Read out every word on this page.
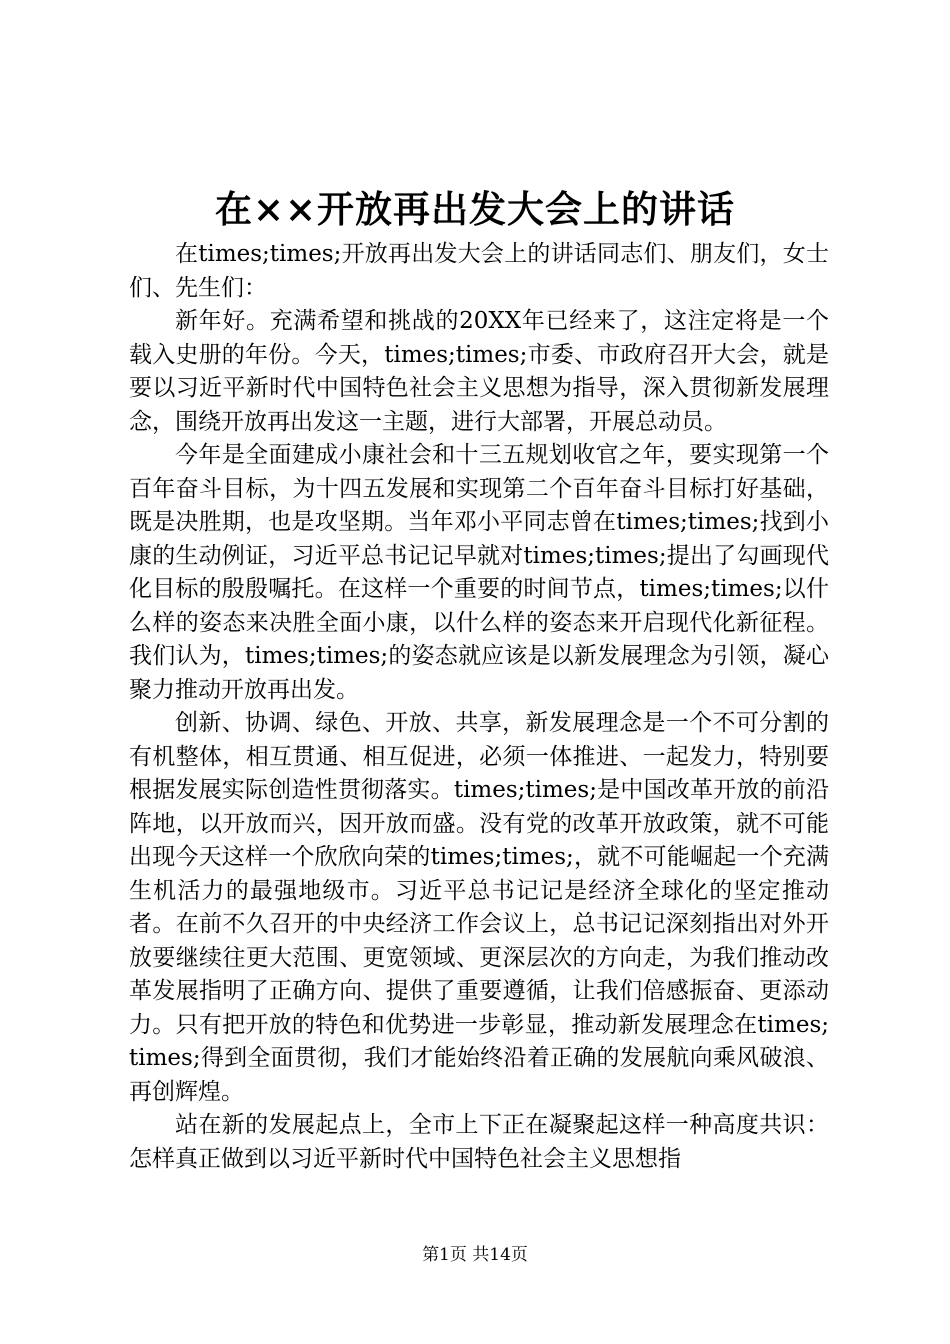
在××开放再出发大会上的讲话

在times;times;开放再出发大会上的讲话同志们、朋友们，女士们、先生们：

新年好。充满希望和挑战的20XX年已经来了，这注定将是一个载入史册的年份。今天，times;times;市委、市政府召开大会，就是要以习近平新时代中国特色社会主义思想为指导，深入贯彻新发展理念，围绕开放再出发这一主题，进行大部署，开展总动员。

今年是全面建成小康社会和十三五规划收官之年，要实现第一个百年奋斗目标，为十四五发展和实现第二个百年奋斗目标打好基础，既是决胜期，也是攻坚期。当年邓小平同志曾在times;times;找到小康的生动例证，习近平总书记记早就对times;times;提出了勾画现代化目标的殷殷嘱托。在这样一个重要的时间节点，times;times;以什么样的姿态来决胜全面小康，以什么样的姿态来开启现代化新征程。我们认为，times;times;的姿态就应该是以新发展理念为引领，凝心聚力推动开放再出发。

创新、协调、绿色、开放、共享，新发展理念是一个不可分割的有机整体，相互贯通、相互促进，必须一体推进、一起发力，特别要根据发展实际创造性贯彻落实。times;times;是中国改革开放的前沿阵地，以开放而兴，因开放而盛。没有党的改革开放政策，就不可能出现今天这样一个欣欣向荣的times;times;，就不可能崛起一个充满生机活力的最强地级市。习近平总书记记是经济全球化的坚定推动者。在前不久召开的中央经济工作会议上，总书记记深刻指出对外开放要继续往更大范围、更宽领域、更深层次的方向走，为我们推动改革发展指明了正确方向、提供了重要遵循，让我们倍感振奋、更添动力。只有把开放的特色和优势进一步彰显，推动新发展理念在times;times;得到全面贯彻，我们才能始终沿着正确的发展航向乘风破浪、再创辉煌。

站在新的发展起点上，全市上下正在凝聚起这样一种高度共识：怎样真正做到以习近平新时代中国特色社会主义思想指

第1页 共14页
